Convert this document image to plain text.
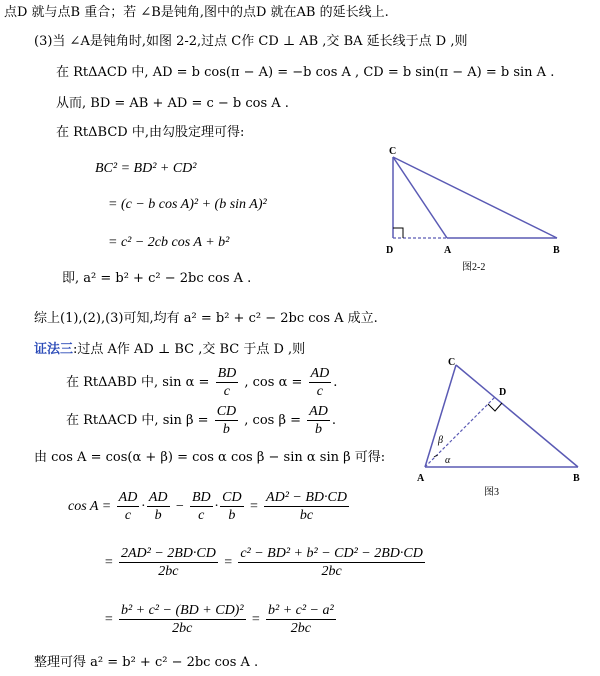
点D 就与点B 重合；若 ∠B是钝角,图中的点D 就在AB 的延长线上.
(3)当 ∠A是钝角时,如图 2-2,过点 C作 CD ⊥ AB ,交 BA 延长线于点 D ,则
在 RtΔACD 中, AD = b cos(π − A) = −b cos A , CD = b sin(π − A) = b sin A .
从而, BD = AB + AD = c − b cos A .
在 RtΔBCD 中,由勾股定理可得:
BC² = BD² + CD²
= (c − b cos A)² + (b sin A)²
= c² − 2cb cos A + b²
即, a² = b² + c² − 2bc cos A .
综上(1),(2),(3)可知,均有 a² = b² + c² − 2bc cos A 成立.
证法三:过点 A作 AD ⊥ BC ,交 BC 于点 D ,则
在 RtΔABD 中, $\sin \alpha = \frac{BD}{c}$ , $\cos \alpha = \frac{AD}{c}$ .
在 RtΔACD 中, $\sin \beta = \frac{CD}{b}$ , $\cos \beta = \frac{AD}{b}$ .
由 cos A = cos(α + β) = cos α cos β − sin α sin β 可得:
$\cos A = \frac{AD}{c} \cdot \frac{AD}{b} - \frac{BD}{c} \cdot \frac{CD}{b} = \frac{\text{AD² − BD·CD}}{bc}$
= $\frac{\text{2AD² − 2BD·CD}}{2bc} = \frac{\text{c² − BD² + b² − CD² − 2BD·CD}}{2bc}$
= $\frac{\text{b² + c² − (BD + CD)²}}{2bc} = \frac{\text{b² + c² − a²}}{2bc}$
整理可得 a² = b² + c² − 2bc cos A .
C
D	A	B
图2-2
C
D
A	B
β
α
图3
